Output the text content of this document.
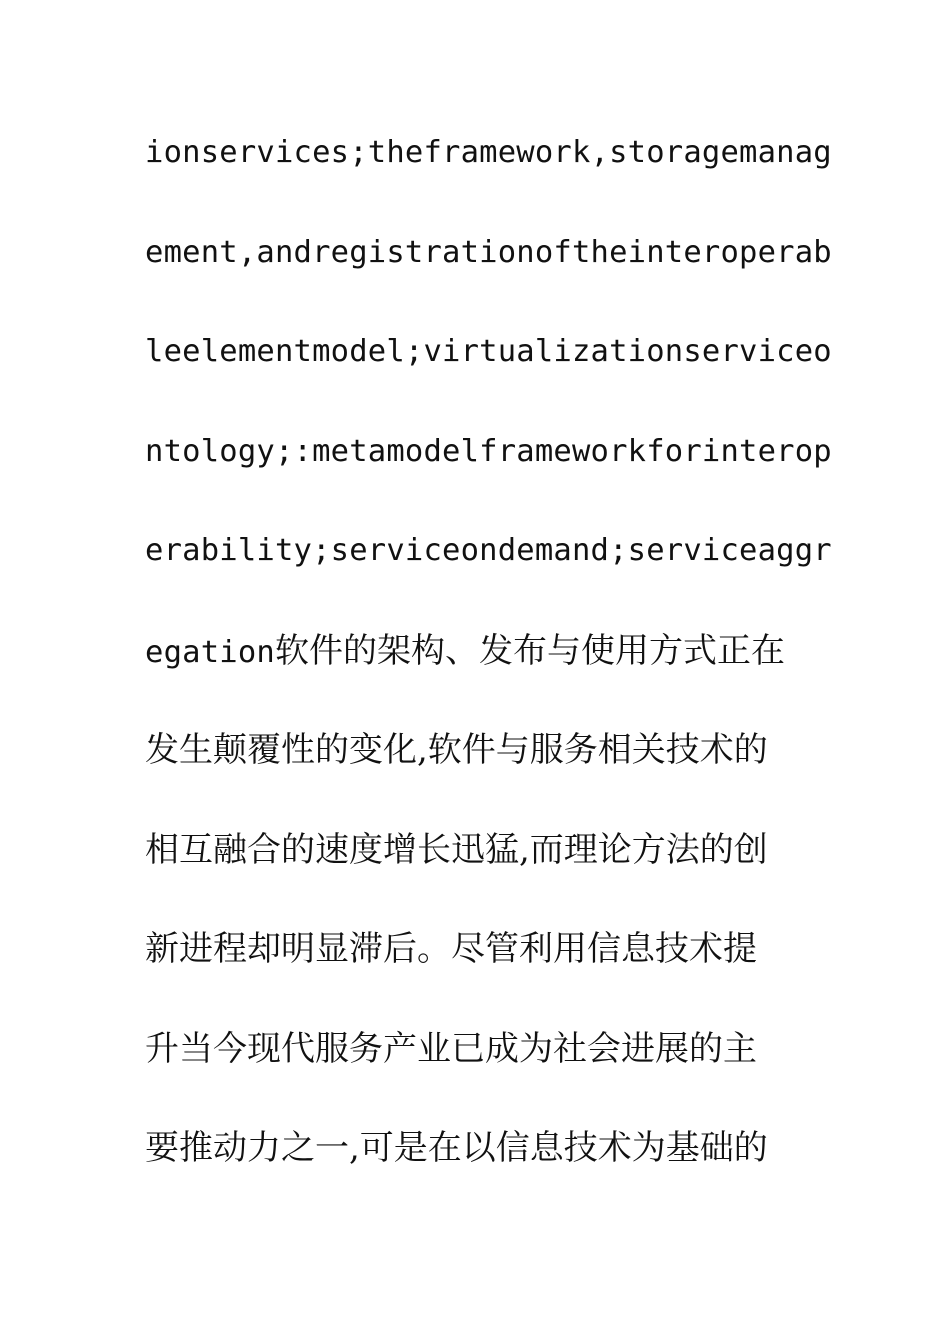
ionservices;theframework,storagemanag
ement,andregistrationoftheinteroperab
leelementmodel;virtualizationserviceo
ntology;:metamodelframeworkforinterop
erability;serviceondemand;serviceaggr
egation软件的架构、发布与使用方式正在
发生颠覆性的变化,软件与服务相关技术的
相互融合的速度增长迅猛,而理论方法的创
新进程却明显滞后。尽管利用信息技术提
升当今现代服务产业已成为社会进展的主
要推动力之一,可是在以信息技术为基础的
